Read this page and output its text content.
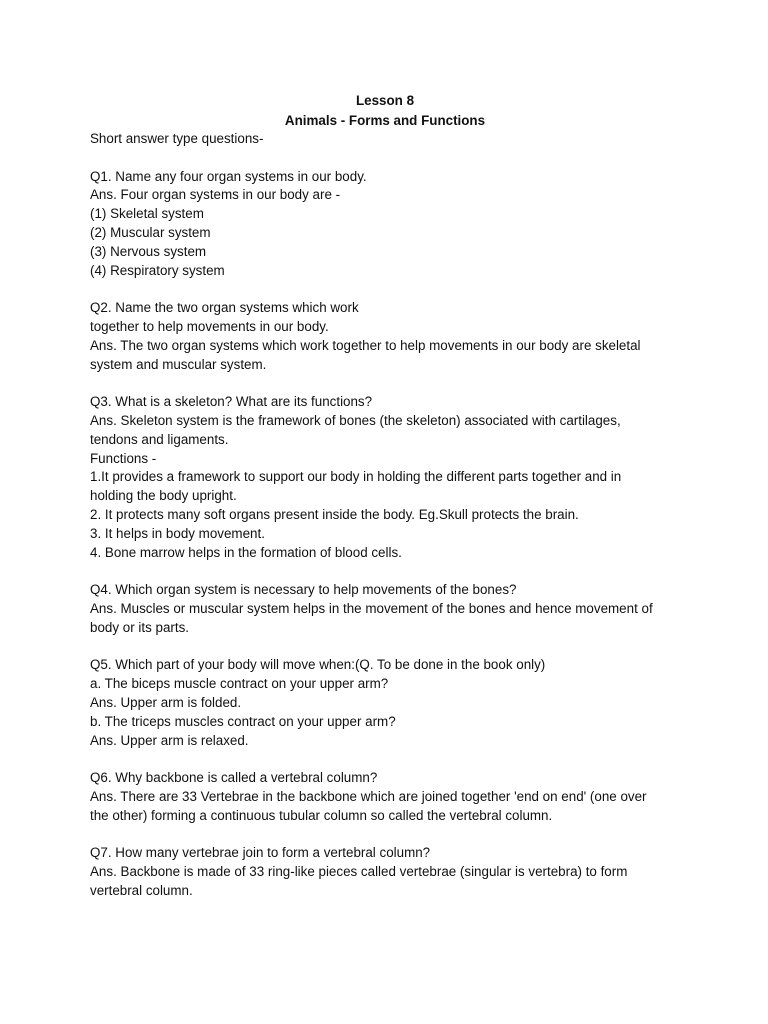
Lesson 8

Animals - Forms and Functions

Short answer type questions-

Q1. Name any four organ systems in our body.

Ans. Four organ systems in our body are -

(1) Skeletal system

(2) Muscular system

(3) Nervous system

(4) Respiratory system

Q2. Name the two organ systems which work

together to help movements in our body.

Ans. The two organ systems which work together to help movements in our body are skeletal

system and muscular system.

Q3. What is a skeleton? What are its functions?

Ans. Skeleton system is the framework of bones (the skeleton) associated with cartilages,

tendons and ligaments.

Functions -

1.It provides a framework to support our body in holding the different parts together and in

holding the body upright.

2. It protects many soft organs present inside the body. Eg.Skull protects the brain.

3. It helps in body movement.

4. Bone marrow helps in the formation of blood cells.

Q4. Which organ system is necessary to help movements of the bones?

Ans. Muscles or muscular system helps in the movement of the bones and hence movement of

body or its parts.

Q5. Which part of your body will move when:(Q. To be done in the book only)

a. The biceps muscle contract on your upper arm?

Ans. Upper arm is folded.

b. The triceps muscles contract on your upper arm?

Ans. Upper arm is relaxed.

Q6. Why backbone is called a vertebral column?

Ans. There are 33 Vertebrae in the backbone which are joined together 'end on end' (one over

the other) forming a continuous tubular column so called the vertebral column.

Q7. How many vertebrae join to form a vertebral column?

Ans. Backbone is made of 33 ring-like pieces called vertebrae (singular is vertebra) to form

vertebral column.
